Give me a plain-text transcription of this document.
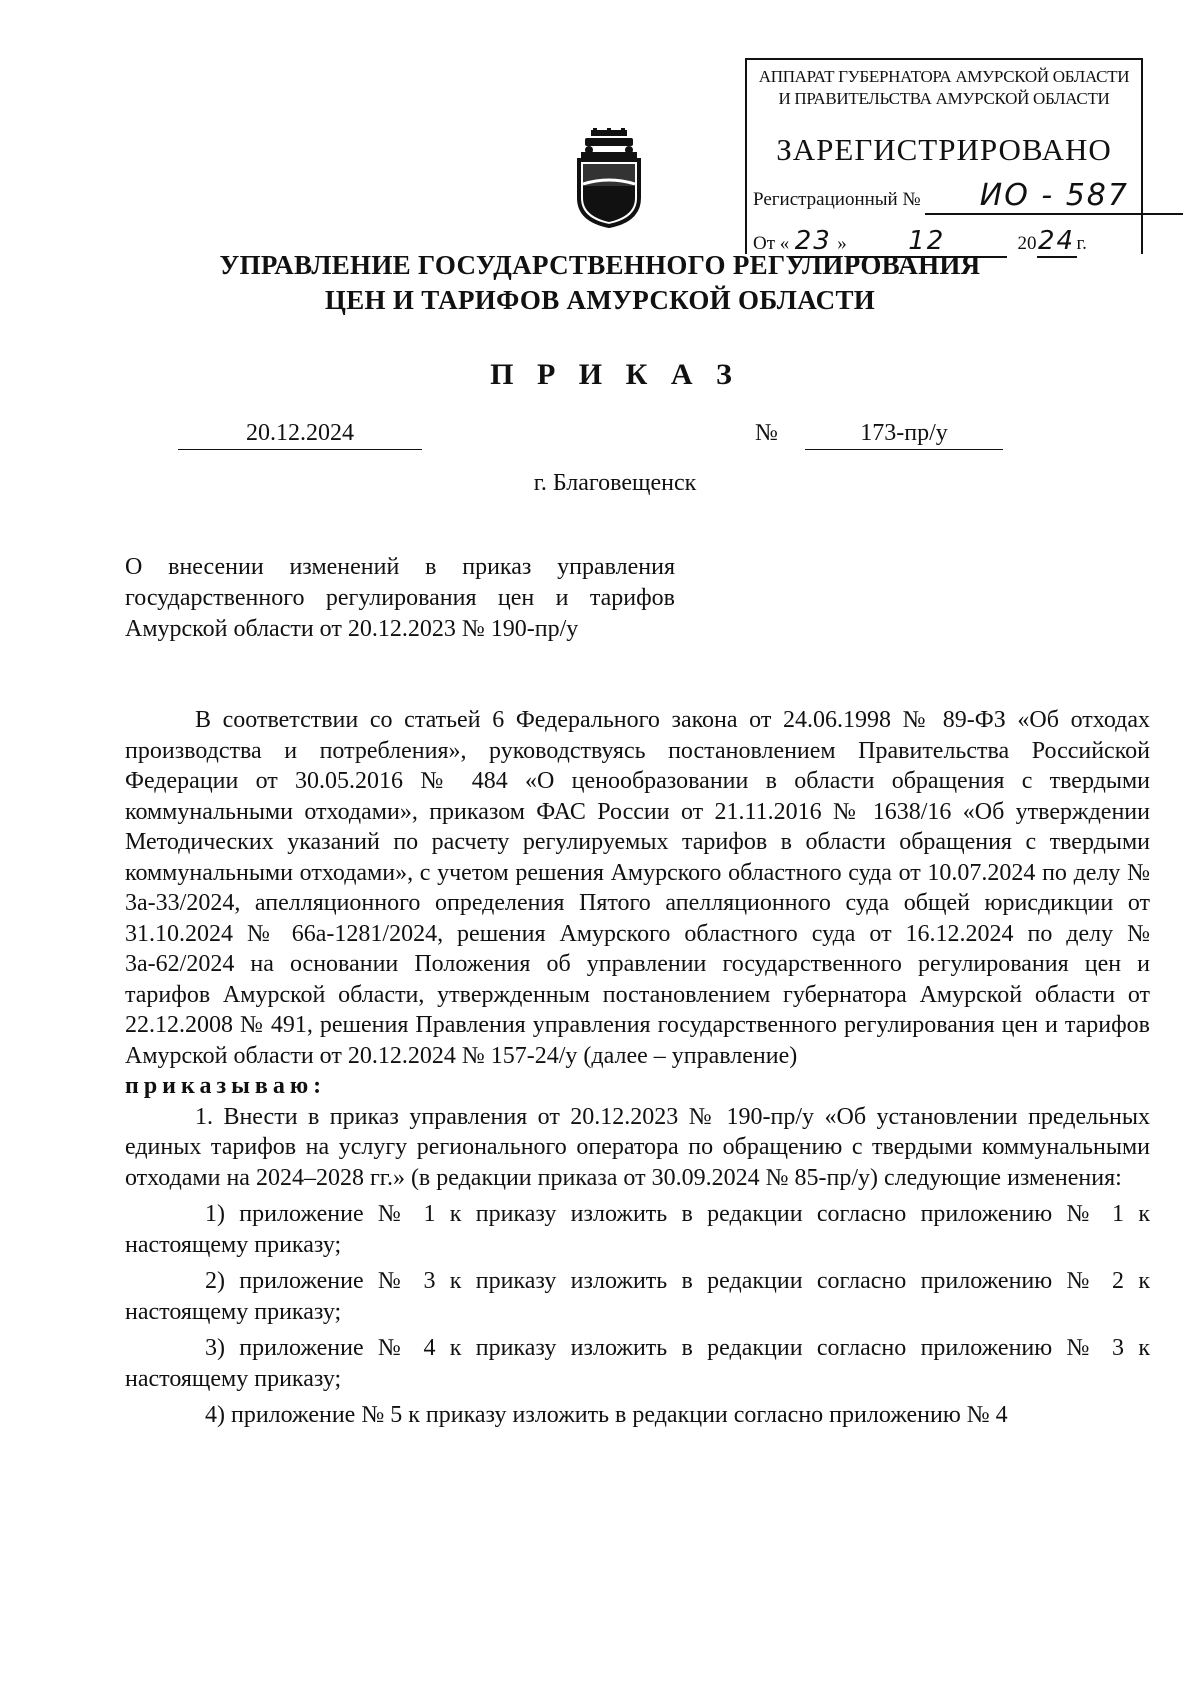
АППАРАТ ГУБЕРНАТОРА АМУРСКОЙ ОБЛАСТИ
И ПРАВИТЕЛЬСТВА АМУРСКОЙ ОБЛАСТИ
ЗАРЕГИСТРИРОВАНО
Регистрационный № ИО - 587
От « 23 » 12	2024г.
УПРАВЛЕНИЕ ГОСУДАРСТВЕННОГО РЕГУЛИРОВАНИЯ
ЦЕН И ТАРИФОВ АМУРСКОЙ ОБЛАСТИ
П Р И К А З
20.12.2024	№	173-пр/у
г. Благовещенск
О внесении изменений в приказ управления государственного регулирования цен и тарифов Амурской области от 20.12.2023 № 190-пр/у

В соответствии со статьей 6 Федерального закона от 24.06.1998 № 89-ФЗ «Об отходах производства и потребления», руководствуясь постановлением Правительства Российской Федерации от 30.05.2016 № 484 «О ценообразовании в области обращения с твердыми коммунальными отходами», приказом ФАС России от 21.11.2016 № 1638/16 «Об утверждении Методических указаний по расчету регулируемых тарифов в области обращения с твердыми коммунальными отходами», с учетом решения Амурского областного суда от 10.07.2024 по делу № 3а-33/2024, апелляционного определения Пятого апелляционного суда общей юрисдикции от 31.10.2024 № 66а-1281/2024, решения Амурского областного суда от 16.12.2024 по делу № 3а-62/2024 на основании Положения об управлении государственного регулирования цен и тарифов Амурской области, утвержденным постановлением губернатора Амурской области от 22.12.2008 № 491, решения Правления управления государственного регулирования цен и тарифов Амурской области от 20.12.2024 № 157-24/у (далее – управление)

приказываю:

1. Внести в приказ управления от 20.12.2023 № 190-пр/у «Об установлении предельных единых тарифов на услугу регионального оператора по обращению с твердыми коммунальными отходами на 2024–2028 гг.» (в редакции приказа от 30.09.2024 № 85-пр/у) следующие изменения:

1) приложение № 1 к приказу изложить в редакции согласно приложению № 1 к настоящему приказу;

2) приложение № 3 к приказу изложить в редакции согласно приложению № 2 к настоящему приказу;

3) приложение № 4 к приказу изложить в редакции согласно приложению № 3 к настоящему приказу;

4) приложение № 5 к приказу изложить в редакции согласно приложению № 4
